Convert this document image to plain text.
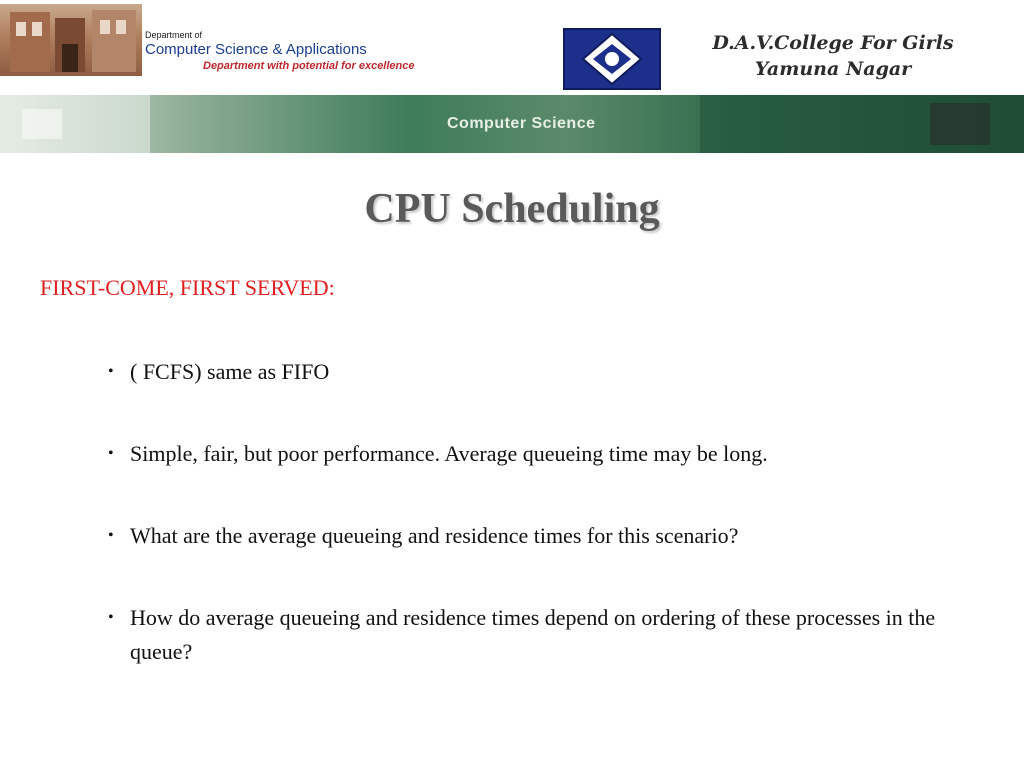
Department of
Computer Science & Applications
Department with potential for excellence
D.A.V.College For Girls Yamuna Nagar
Computer Science
CPU Scheduling
FIRST-COME, FIRST SERVED:
• ( FCFS) same as FIFO
• Simple, fair, but poor performance. Average queueing time may be long.
• What are the average queueing and residence times for this scenario?
• How do average queueing and residence times depend on ordering of these processes in the queue?
